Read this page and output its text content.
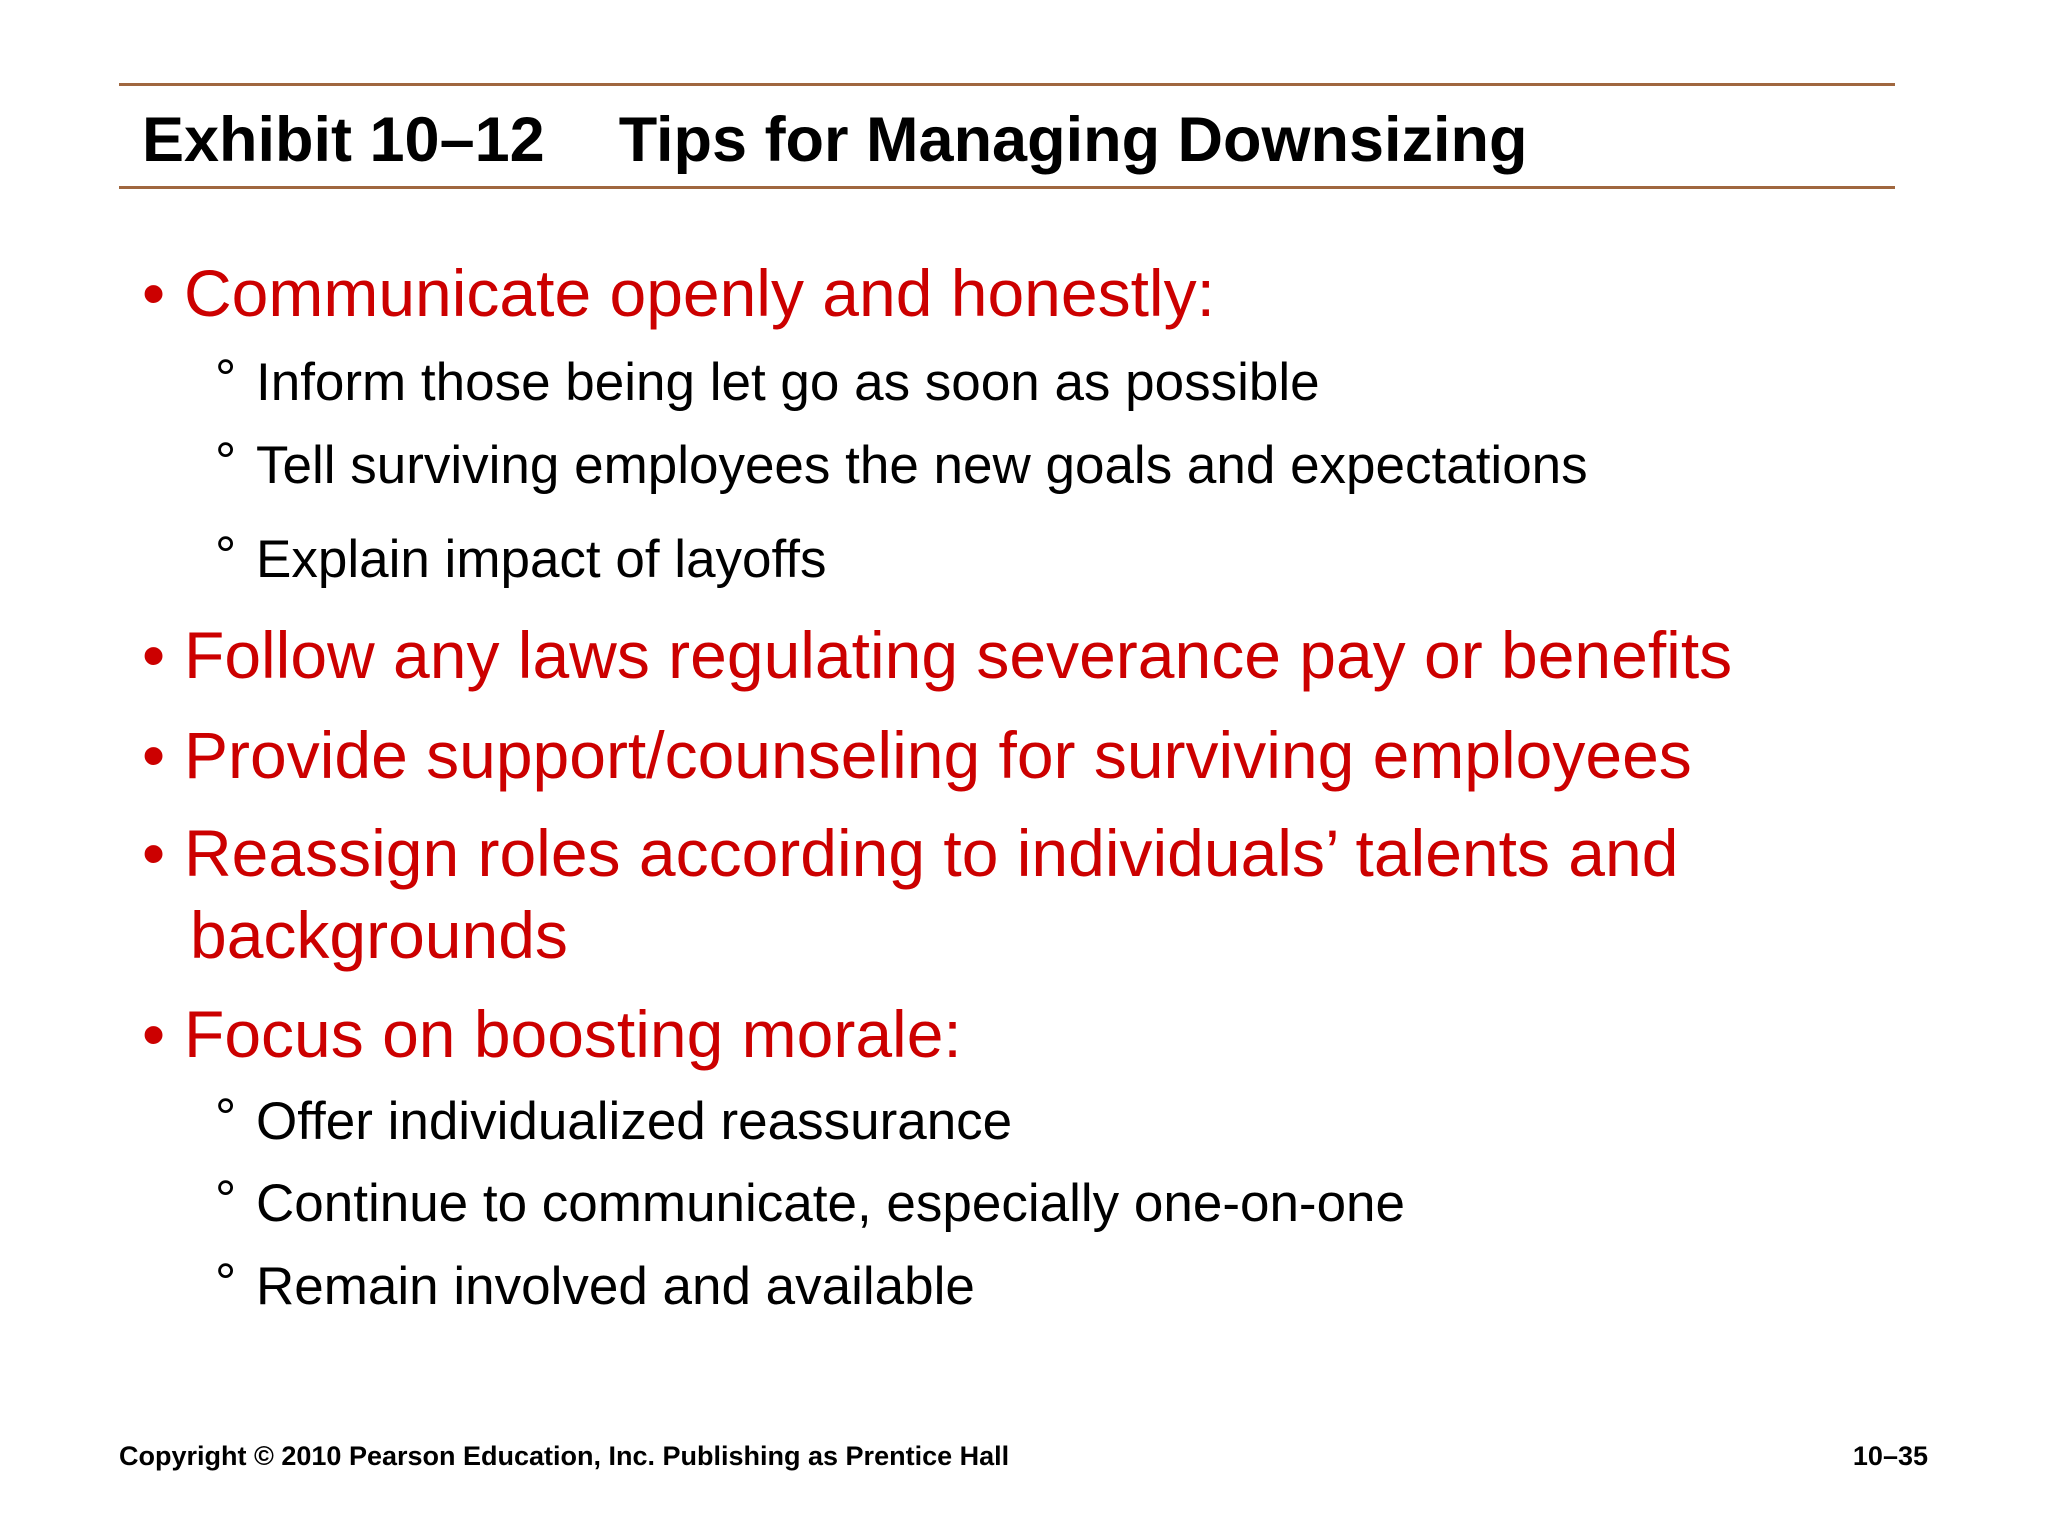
Exhibit 10–12 Tips for Managing Downsizing
• Communicate openly and honestly:
° Inform those being let go as soon as possible
° Tell surviving employees the new goals and expectations
° Explain impact of layoffs
• Follow any laws regulating severance pay or benefits
• Provide support/counseling for surviving employees
• Reassign roles according to individuals’ talents and
backgrounds
• Focus on boosting morale:
° Offer individualized reassurance
° Continue to communicate, especially one-on-one
° Remain involved and available
Copyright © 2010 Pearson Education, Inc. Publishing as Prentice Hall	10–35
